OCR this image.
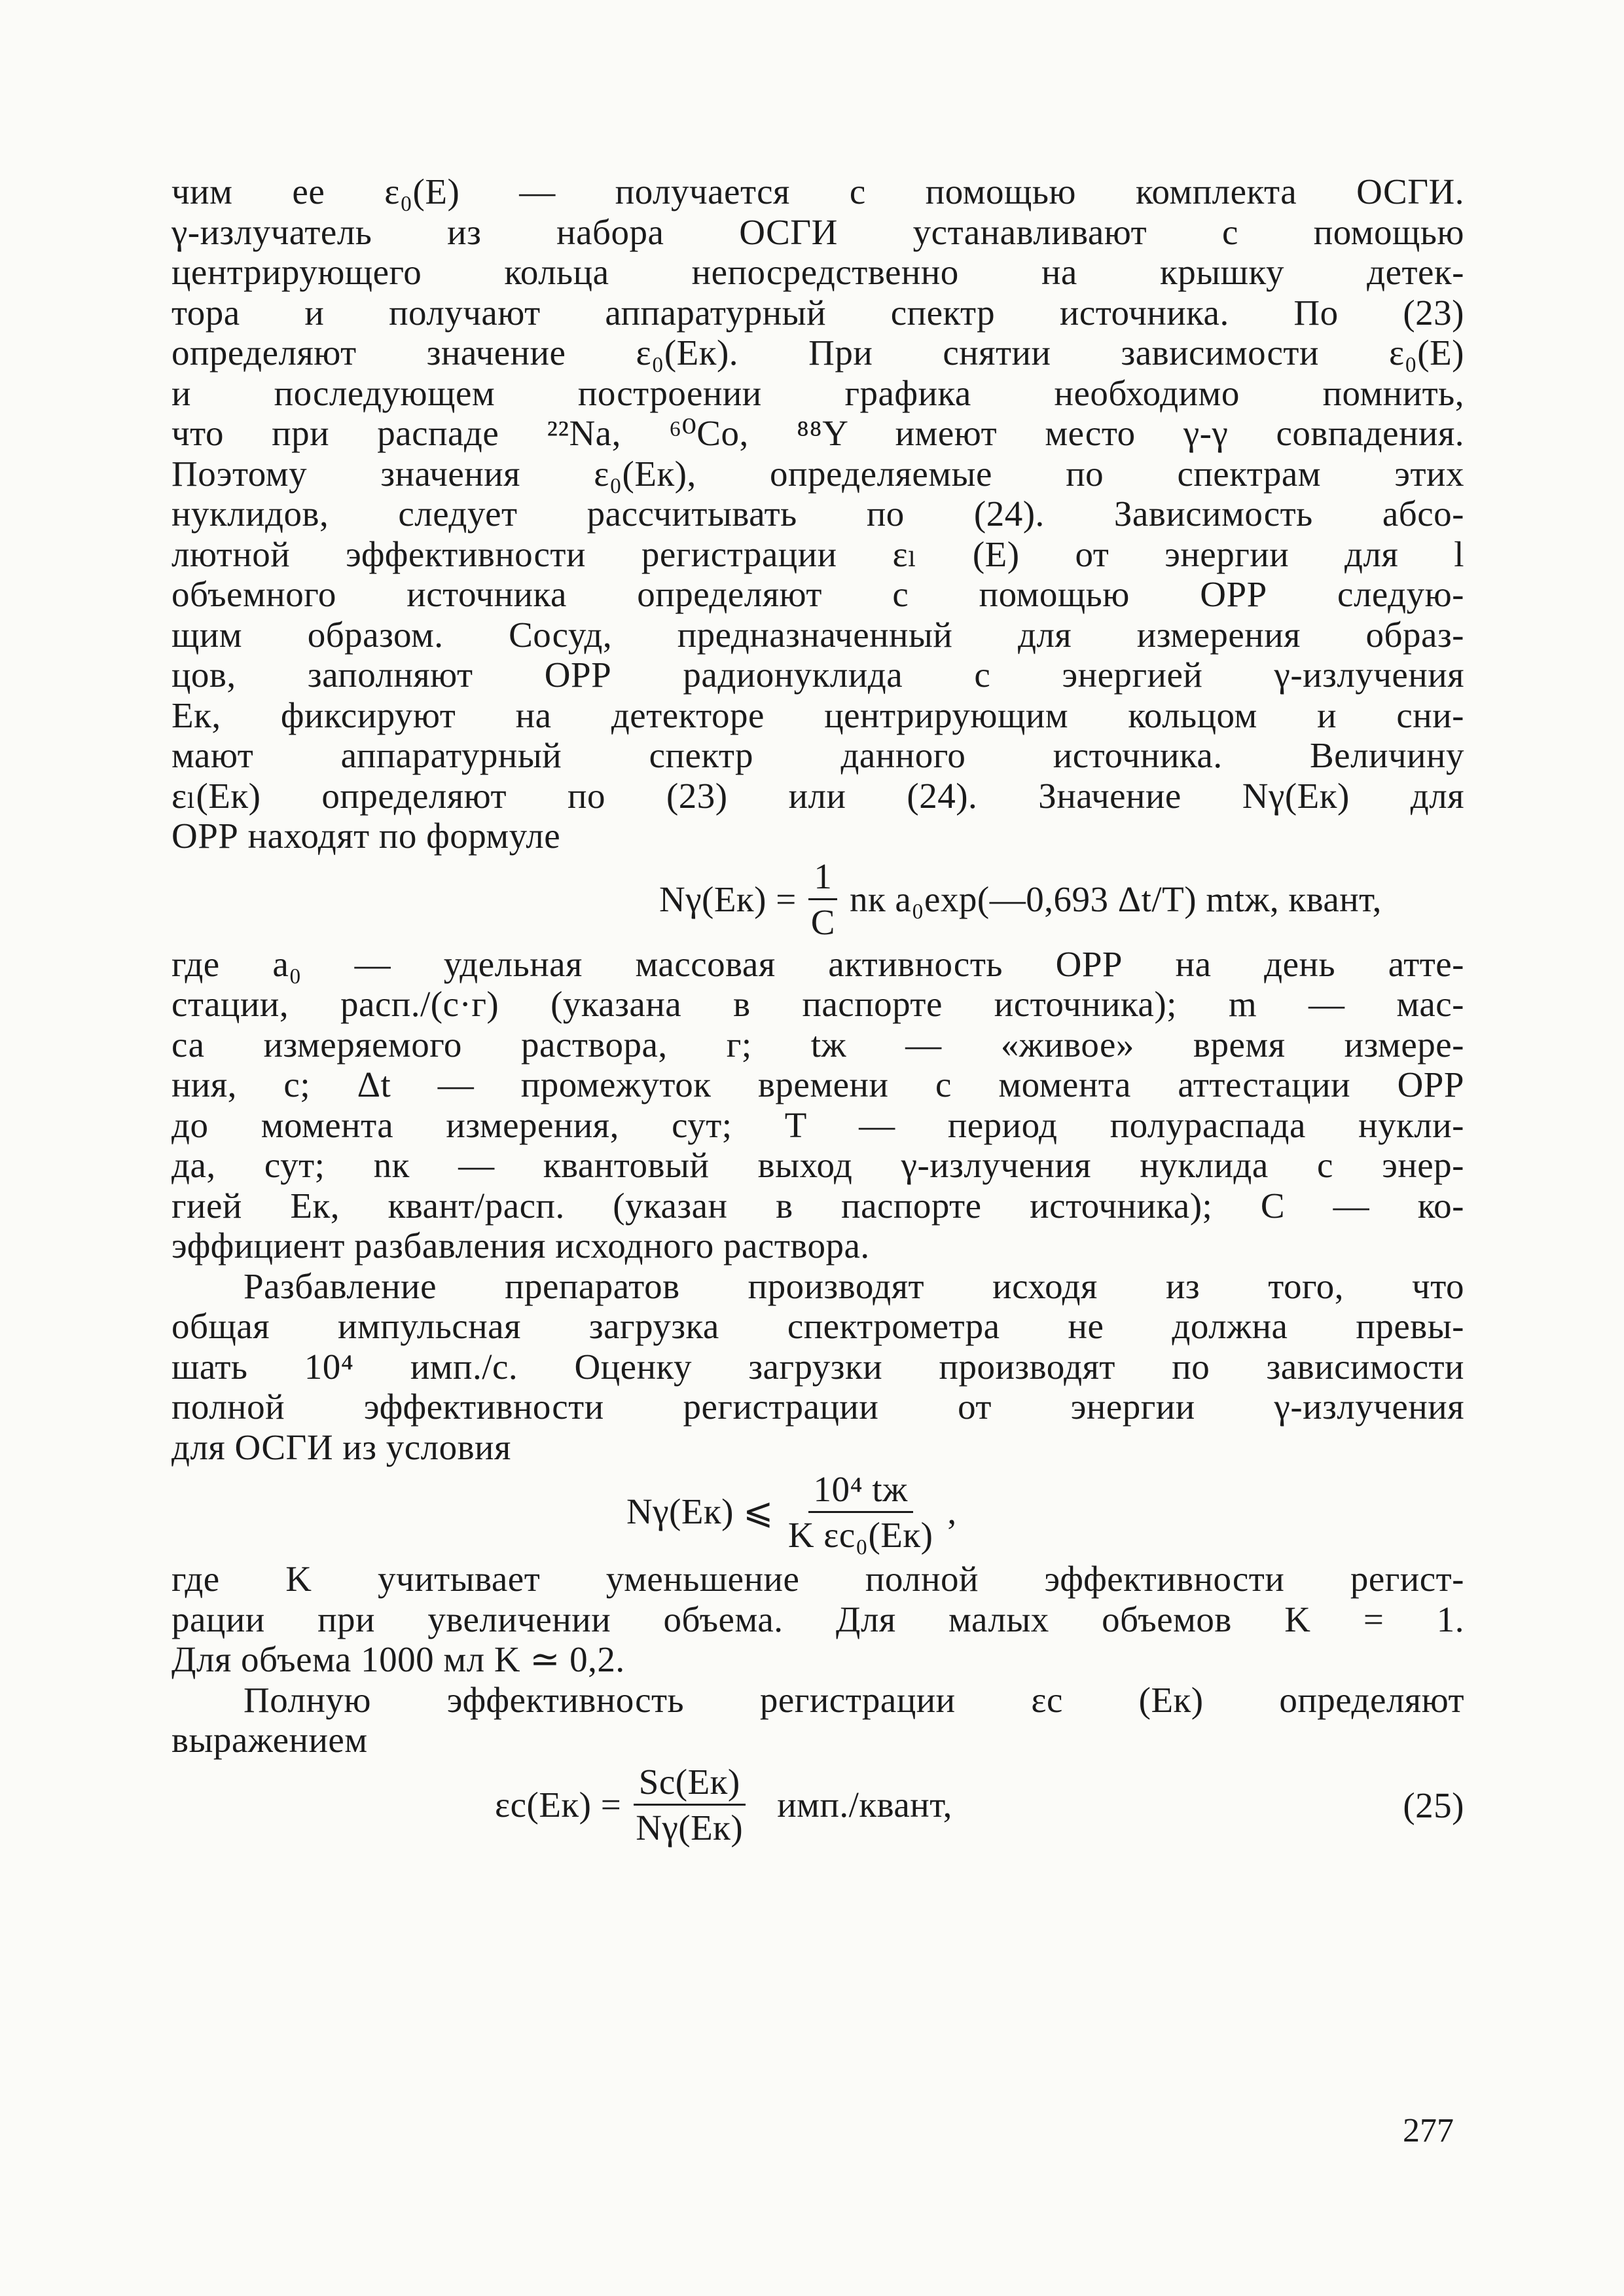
чим ее ε₀(E) — получается с помощью комплекта ОСГИ.
γ-излучатель из набора ОСГИ устанавливают с помощью
центрирующего кольца непосредственно на крышку детек-
тора и получают аппаратурный спектр источника. По (23)
определяют значение ε₀(Eк). При снятии зависимости ε₀(E)
и последующем построении графика необходимо помнить,
что при распаде ²²Na, ⁶⁰Co, ⁸⁸Y имеют место γ-γ совпадения.
Поэтому значения ε₀(Eк), определяемые по спектрам этих
нуклидов, следует рассчитывать по (24). Зависимость абсо-
лютной эффективности регистрации εₗ (E) от энергии для l
объемного источника определяют с помощью ОРР следую-
щим образом. Сосуд, предназначенный для измерения образ-
цов, заполняют ОРР радионуклида с энергией γ-излучения
Eк, фиксируют на детекторе центрирующим кольцом и сни-
мают аппаратурный спектр данного источника. Величину
εₗ(Eк) определяют по (23) или (24). Значение Nγ(Eк) для
ОРР находят по формуле
$N\gamma(Eк) = \frac{1}{C}$ nк a₀exp(—0,693 Δt/T) mtж, квант,
где a₀ — удельная массовая активность ОРР на день атте-
стации, расп./(с·г) (указана в паспорте источника); m — мас-
са измеряемого раствора, г; tж — «живое» время измере-
ния, с; Δt — промежуток времени с момента аттестации ОРР
до момента измерения, сут; T — период полураспада нукли-
да, сут; nк — квантовый выход γ-излучения нуклида с энер-
гией Eк, квант/расп. (указан в паспорте источника); C — ко-
эффициент разбавления исходного раствора.
Разбавление препаратов производят исходя из того, что
общая импульсная загрузка спектрометра не должна превы-
шать 10⁴ имп./с. Оценку загрузки производят по зависимости
полной эффективности регистрации от энергии γ-излучения
для ОСГИ из условия
Nγ(Eк) ⩽ $\frac{\text{10⁴ tж}}{\text{K εc₀(Eк)}}$ ,
где K учитывает уменьшение полной эффективности регист-
рации при увеличении объема. Для малых объемов K = 1.
Для объема 1000 мл K ≃ 0,2.
Полную эффективность регистрации εc (Eк) определяют
выражением
$\varepsilon c(Eк) = \frac{Sc(Eк)}{N\gamma(Eк)}$ имп./квант,	(25)
277
